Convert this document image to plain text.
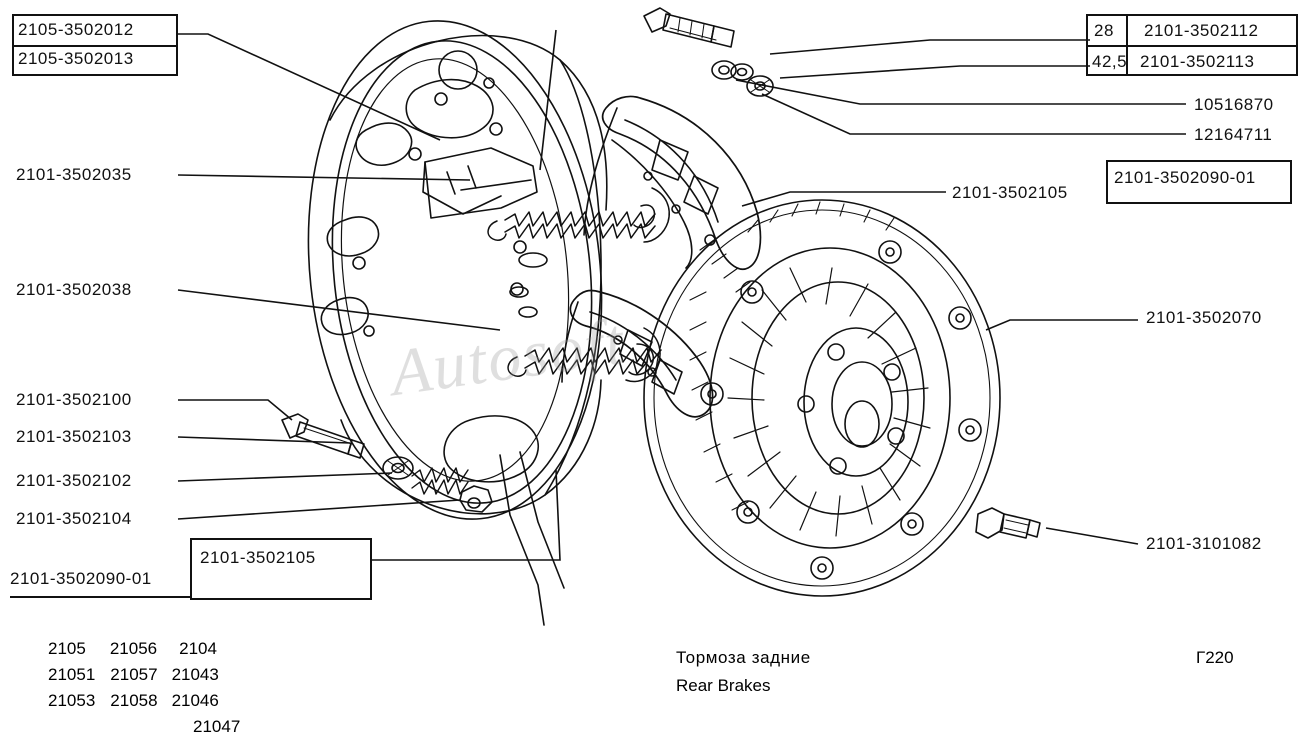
Autosoft
2105-3502012
2105-3502013
2101-3502035
2101-3502038
2101-3502100
2101-3502103
2101-3502102
2101-3502104
2101-3502090-01
2101-3502105
28 2101-3502112
42,5 2101-3502113
10516870
12164711
2101-3502105
2101-3502090-01
2101-3502070
2101-3101082
Тормоза задние
Rear Brakes
Г220
2105 21056 2104
21051 21057 21043
21053 21058 21046
21047
